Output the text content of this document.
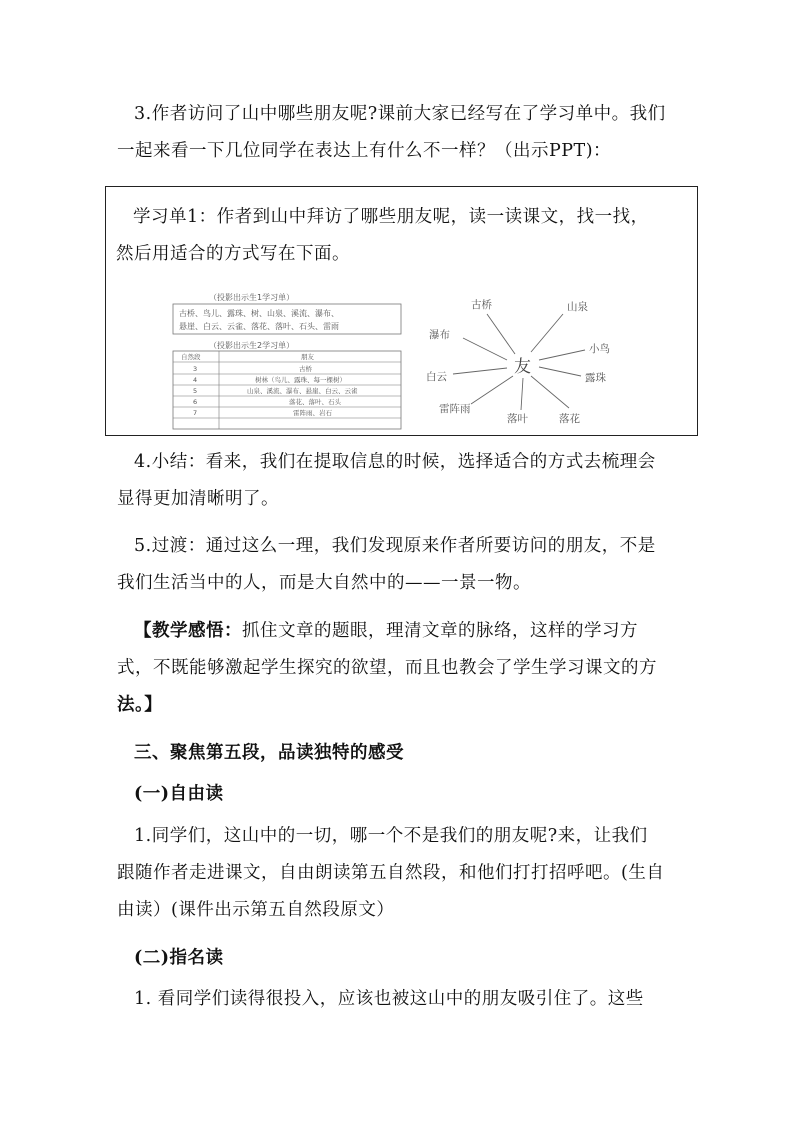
3.作者访问了山中哪些朋友呢?课前大家已经写在了学习单中。我们
一起来看一下几位同学在表达上有什么不一样？（出示PPT)：

学习单1：作者到山中拜访了哪些朋友呢，读一读课文，找一找，
然后用适合的方式写在下面。

（投影出示生1学习单）
古桥、鸟儿、露珠、树、山泉、溪流、瀑布、
悬崖、白云、云雀、落花、落叶、石头、雷雨
（投影出示生2学习单）
自然段	朋友
3	古桥
4	树林（鸟儿、露珠、每一棵树）
5	山泉、溪流、瀑布、悬崖、白云、云雀
6	落花、落叶、石头
7	雷阵雨、岩石
友
古桥	山泉
小鸟
露珠
落花
落叶
雷阵雨
白云
瀑布

4.小结：看来，我们在提取信息的时候，选择适合的方式去梳理会
显得更加清晰明了。

5.过渡：通过这么一理，我们发现原来作者所要访问的朋友，不是
我们生活当中的人，而是大自然中的——一景一物。

【教学感悟：抓住文章的题眼，理清文章的脉络，这样的学习方
式，不既能够激起学生探究的欲望，而且也教会了学生学习课文的方
法。】

三、聚焦第五段，品读独特的感受

(一)自由读

1.同学们，这山中的一切，哪一个不是我们的朋友呢?来，让我们
跟随作者走进课文，自由朗读第五自然段，和他们打打招呼吧。(生自
由读）(课件出示第五自然段原文）

(二)指名读

1. 看同学们读得很投入，应该也被这山中的朋友吸引住了。这些
